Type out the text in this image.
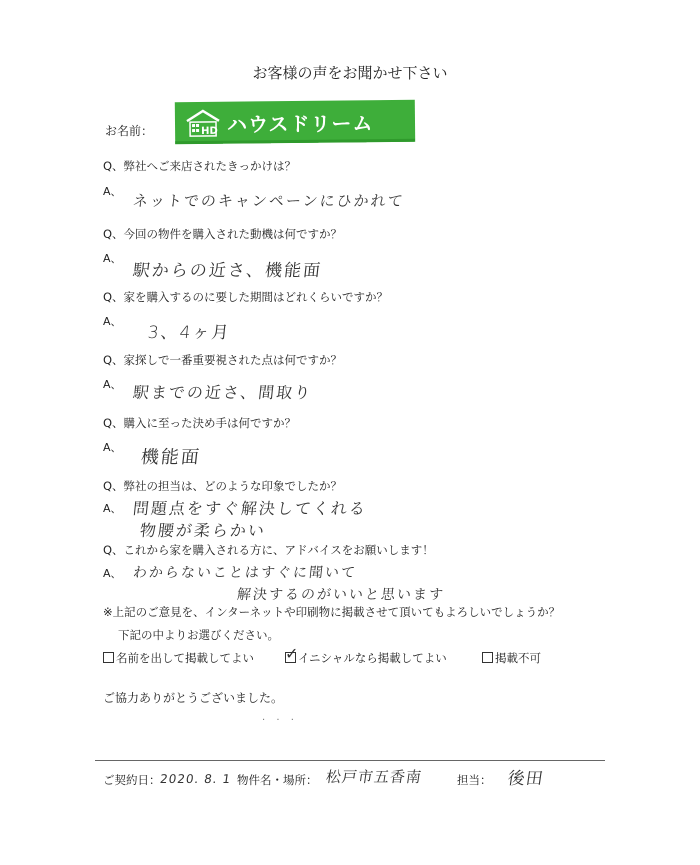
お客様の声をお聞かせ下さい
お名前：	HD ハウスドリーム
Q、弊社へご来店されたきっかけは？
A、
ネットでのキャンペーンにひかれて
Q、今回の物件を購入された動機は何ですか？
A、
駅からの近さ、機能面
Q、家を購入するのに要した期間はどれくらいですか？
A、
3、4ヶ月
Q、家探しで一番重要視された点は何ですか？
A、 駅までの近さ、間取り
Q、購入に至った決め手は何ですか？
A、 機能面
Q、弊社の担当は、どのような印象でしたか？
A、 問題点をすぐ解決してくれる
物腰が柔らかい
Q、これから家を購入される方に、アドバイスをお願いします！
A、 わからないことはすぐに聞いて
解決するのがいいと思います
※上記のご意見を、インターネットや印刷物に掲載させて頂いてもよろしいでしょうか？
下記の中よりお選びください。
名前を出して掲載してよい ✓ イニシャルなら掲載してよい	掲載不可
ご協力ありがとうございました。
. . .
ご契約日：
2020. 8. 1 物件名・場所： 松戸市五香南	担当： 後田
